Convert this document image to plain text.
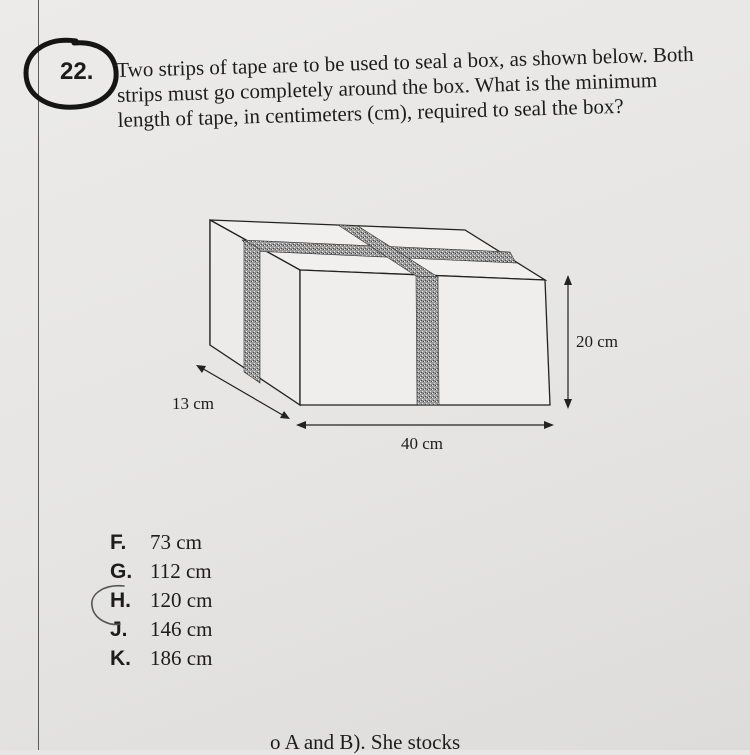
22. Two strips of tape are to be used to seal a box, as shown below. Both strips must go completely around the box. What is the minimum length of tape, in centimeters (cm), required to seal the box?

20 cm
13 cm
40 cm
F. 73 cm
G. 112 cm
H. 120 cm
J. 146 cm
K. 186 cm
o A and B). She stocks
